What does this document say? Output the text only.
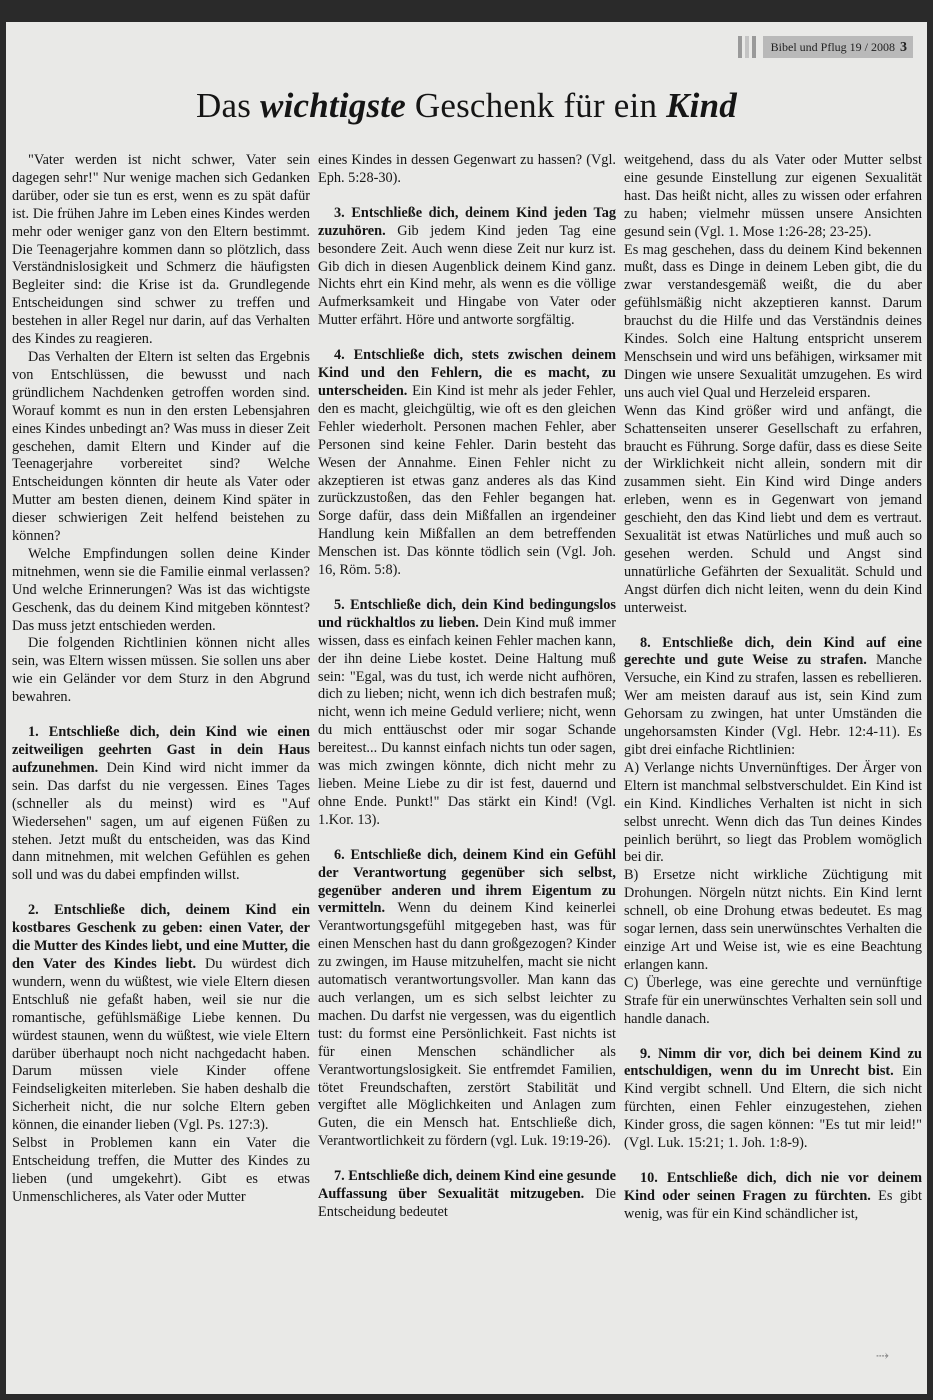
Bibel und Pflug 19 / 2008 3
Das wichtigste Geschenk für ein Kind

"Vater werden ist nicht schwer, Vater sein dagegen sehr!" Nur wenige machen sich Gedanken darüber, oder sie tun es erst, wenn es zu spät dafür ist. Die frühen Jahre im Leben eines Kindes werden mehr oder weniger ganz von den Eltern bestimmt. Die Teenagerjahre kommen dann so plötzlich, dass Verständnislosigkeit und Schmerz die häufigsten Begleiter sind: die Krise ist da. Grundlegende Entscheidungen sind schwer zu treffen und bestehen in aller Regel nur darin, auf das Verhalten des Kindes zu reagieren.

Das Verhalten der Eltern ist selten das Ergebnis von Entschlüssen, die bewusst und nach gründlichem Nachdenken getroffen worden sind. Worauf kommt es nun in den ersten Lebensjahren eines Kindes unbedingt an? Was muss in dieser Zeit geschehen, damit Eltern und Kinder auf die Teenagerjahre vorbereitet sind? Welche Entscheidungen könnten dir heute als Vater oder Mutter am besten dienen, deinem Kind später in dieser schwierigen Zeit helfend beistehen zu können?

Welche Empfindungen sollen deine Kinder mitnehmen, wenn sie die Familie einmal verlassen? Und welche Erinnerungen? Was ist das wichtigste Geschenk, das du deinem Kind mitgeben könntest? Das muss jetzt entschieden werden.

Die folgenden Richtlinien können nicht alles sein, was Eltern wissen müssen. Sie sollen uns aber wie ein Geländer vor dem Sturz in den Abgrund bewahren.

1. Entschließe dich, dein Kind wie einen zeitweiligen geehrten Gast in dein Haus aufzunehmen. Dein Kind wird nicht immer da sein. Das darfst du nie vergessen. Eines Tages (schneller als du meinst) wird es "Auf Wiedersehen" sagen, um auf eigenen Füßen zu stehen. Jetzt mußt du entscheiden, was das Kind dann mitnehmen, mit welchen Gefühlen es gehen soll und was du dabei empfinden willst.

2. Entschließe dich, deinem Kind ein kostbares Geschenk zu geben: einen Vater, der die Mutter des Kindes liebt, und eine Mutter, die den Vater des Kindes liebt. Du würdest dich wundern, wenn du wüßtest, wie viele Eltern diesen Entschluß nie gefaßt haben, weil sie nur die romantische, gefühlsmäßige Liebe kennen. Du würdest staunen, wenn du wüßtest, wie viele Eltern darüber überhaupt noch nicht nachgedacht haben. Darum müssen viele Kinder offene Feindseligkeiten miterleben. Sie haben deshalb die Sicherheit nicht, die nur solche Eltern geben können, die einander lieben (Vgl. Ps. 127:3).

Selbst in Problemen kann ein Vater die Entscheidung treffen, die Mutter des Kindes zu lieben (und umgekehrt). Gibt es etwas Unmenschlicheres, als Vater oder Mutter

eines Kindes in dessen Gegenwart zu hassen? (Vgl. Eph. 5:28-30).

3. Entschließe dich, deinem Kind jeden Tag zuzuhören. Gib jedem Kind jeden Tag eine besondere Zeit. Auch wenn diese Zeit nur kurz ist. Gib dich in diesen Augenblick deinem Kind ganz. Nichts ehrt ein Kind mehr, als wenn es die völlige Aufmerksamkeit und Hingabe von Vater oder Mutter erfährt. Höre und antworte sorgfältig.

4. Entschließe dich, stets zwischen deinem Kind und den Fehlern, die es macht, zu unterscheiden. Ein Kind ist mehr als jeder Fehler, den es macht, gleichgültig, wie oft es den gleichen Fehler wiederholt. Personen machen Fehler, aber Personen sind keine Fehler. Darin besteht das Wesen der Annahme. Einen Fehler nicht zu akzeptieren ist etwas ganz anderes als das Kind zurückzustoßen, das den Fehler begangen hat. Sorge dafür, dass dein Mißfallen an irgendeiner Handlung kein Mißfallen an dem betreffenden Menschen ist. Das könnte tödlich sein (Vgl. Joh. 16, Röm. 5:8).

5. Entschließe dich, dein Kind bedingungslos und rückhaltlos zu lieben. Dein Kind muß immer wissen, dass es einfach keinen Fehler machen kann, der ihn deine Liebe kostet. Deine Haltung muß sein: "Egal, was du tust, ich werde nicht aufhören, dich zu lieben; nicht, wenn ich dich bestrafen muß; nicht, wenn ich meine Geduld verliere; nicht, wenn du mich enttäuschst oder mir sogar Schande bereitest... Du kannst einfach nichts tun oder sagen, was mich zwingen könnte, dich nicht mehr zu lieben. Meine Liebe zu dir ist fest, dauernd und ohne Ende. Punkt!" Das stärkt ein Kind! (Vgl. 1.Kor. 13).

6. Entschließe dich, deinem Kind ein Gefühl der Verantwortung gegenüber sich selbst, gegenüber anderen und ihrem Eigentum zu vermitteln. Wenn du deinem Kind keinerlei Verantwortungsgefühl mitgegeben hast, was für einen Menschen hast du dann großgezogen? Kinder zu zwingen, im Hause mitzuhelfen, macht sie nicht automatisch verantwortungsvoller. Man kann das auch verlangen, um es sich selbst leichter zu machen. Du darfst nie vergessen, was du eigentlich tust: du formst eine Persönlichkeit. Fast nichts ist für einen Menschen schändlicher als Verantwortungslosigkeit. Sie entfremdet Familien, tötet Freundschaften, zerstört Stabilität und vergiftet alle Möglichkeiten und Anlagen zum Guten, die ein Mensch hat. Entschließe dich, Verantwortlichkeit zu fördern (vgl. Luk. 19:19-26).

7. Entschließe dich, deinem Kind eine gesunde Auffassung über Sexualität mitzugeben. Die Entscheidung bedeutet

weitgehend, dass du als Vater oder Mutter selbst eine gesunde Einstellung zur eigenen Sexualität hast. Das heißt nicht, alles zu wissen oder erfahren zu haben; vielmehr müssen unsere Ansichten gesund sein (Vgl. 1. Mose 1:26-28; 23-25).

Es mag geschehen, dass du deinem Kind bekennen mußt, dass es Dinge in deinem Leben gibt, die du zwar verstandesgemäß weißt, die du aber gefühlsmäßig nicht akzeptieren kannst. Darum brauchst du die Hilfe und das Verständnis deines Kindes. Solch eine Haltung entspricht unserem Menschsein und wird uns befähigen, wirksamer mit Dingen wie unsere Sexualität umzugehen. Es wird uns auch viel Qual und Herzeleid ersparen.

Wenn das Kind größer wird und anfängt, die Schattenseiten unserer Gesellschaft zu erfahren, braucht es Führung. Sorge dafür, dass es diese Seite der Wirklichkeit nicht allein, sondern mit dir zusammen sieht. Ein Kind wird Dinge anders erleben, wenn es in Gegenwart von jemand geschieht, den das Kind liebt und dem es vertraut. Sexualität ist etwas Natürliches und muß auch so gesehen werden. Schuld und Angst sind unnatürliche Gefährten der Sexualität. Schuld und Angst dürfen dich nicht leiten, wenn du dein Kind unterweist.

8. Entschließe dich, dein Kind auf eine gerechte und gute Weise zu strafen. Manche Versuche, ein Kind zu strafen, lassen es rebellieren. Wer am meisten darauf aus ist, sein Kind zum Gehorsam zu zwingen, hat unter Umständen die ungehorsamsten Kinder (Vgl. Hebr. 12:4-11). Es gibt drei einfache Richtlinien:

A) Verlange nichts Unvernünftiges. Der Ärger von Eltern ist manchmal selbstverschuldet. Ein Kind ist ein Kind. Kindliches Verhalten ist nicht in sich selbst unrecht. Wenn dich das Tun deines Kindes peinlich berührt, so liegt das Problem womöglich bei dir.

B) Ersetze nicht wirkliche Züchtigung mit Drohungen. Nörgeln nützt nichts. Ein Kind lernt schnell, ob eine Drohung etwas bedeutet. Es mag sogar lernen, dass sein unerwünschtes Verhalten die einzige Art und Weise ist, wie es eine Beachtung erlangen kann.

C) Überlege, was eine gerechte und vernünftige Strafe für ein unerwünschtes Verhalten sein soll und handle danach.

9. Nimm dir vor, dich bei deinem Kind zu entschuldigen, wenn du im Unrecht bist. Ein Kind vergibt schnell. Und Eltern, die sich nicht fürchten, einen Fehler einzugestehen, ziehen Kinder gross, die sagen können: "Es tut mir leid!" (Vgl. Luk. 15:21; 1. Joh. 1:8-9).

10. Entschließe dich, dich nie vor deinem Kind oder seinen Fragen zu fürchten. Es gibt wenig, was für ein Kind schändlicher ist,

⇢
